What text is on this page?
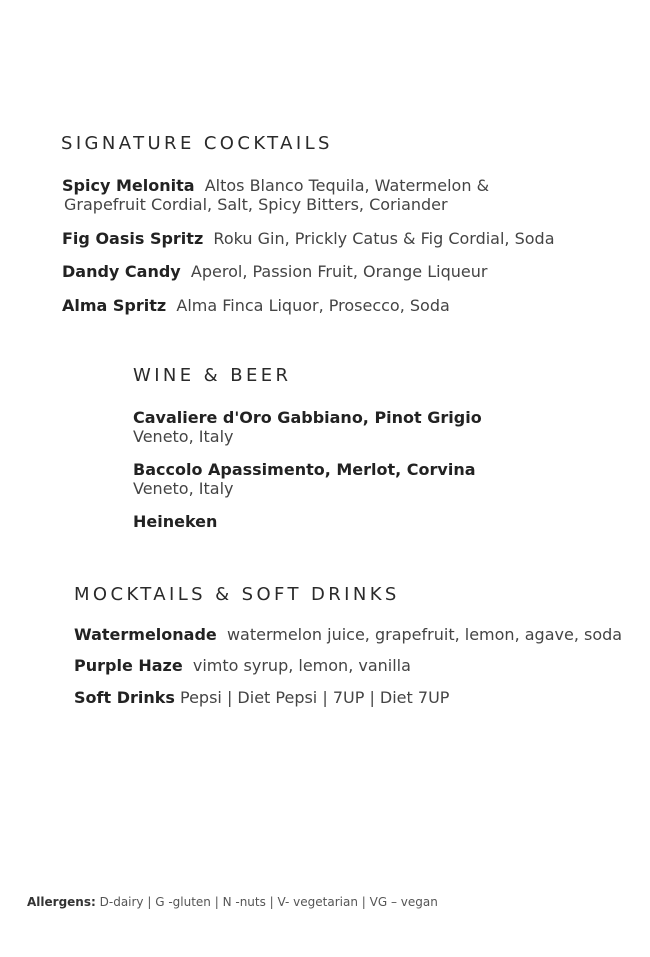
SIGNATURE COCKTAILS
Spicy Melonita Altos Blanco Tequila, Watermelon &
Grapefruit Cordial, Salt, Spicy Bitters, Coriander
Fig Oasis Spritz Roku Gin, Prickly Catus & Fig Cordial, Soda
Dandy Candy Aperol, Passion Fruit, Orange Liqueur
Alma Spritz Alma Finca Liquor, Prosecco, Soda
WINE & BEER
Cavaliere d'Oro Gabbiano, Pinot Grigio
Veneto, Italy
Baccolo Apassimento, Merlot, Corvina
Veneto, Italy
Heineken
MOCKTAILS & SOFT DRINKS
Watermelonade watermelon juice, grapefruit, lemon, agave, soda
Purple Haze vimto syrup, lemon, vanilla
Soft Drinks Pepsi | Diet Pepsi | 7UP | Diet 7UP
Allergens: D-dairy | G -gluten | N -nuts | V- vegetarian | VG – vegan
